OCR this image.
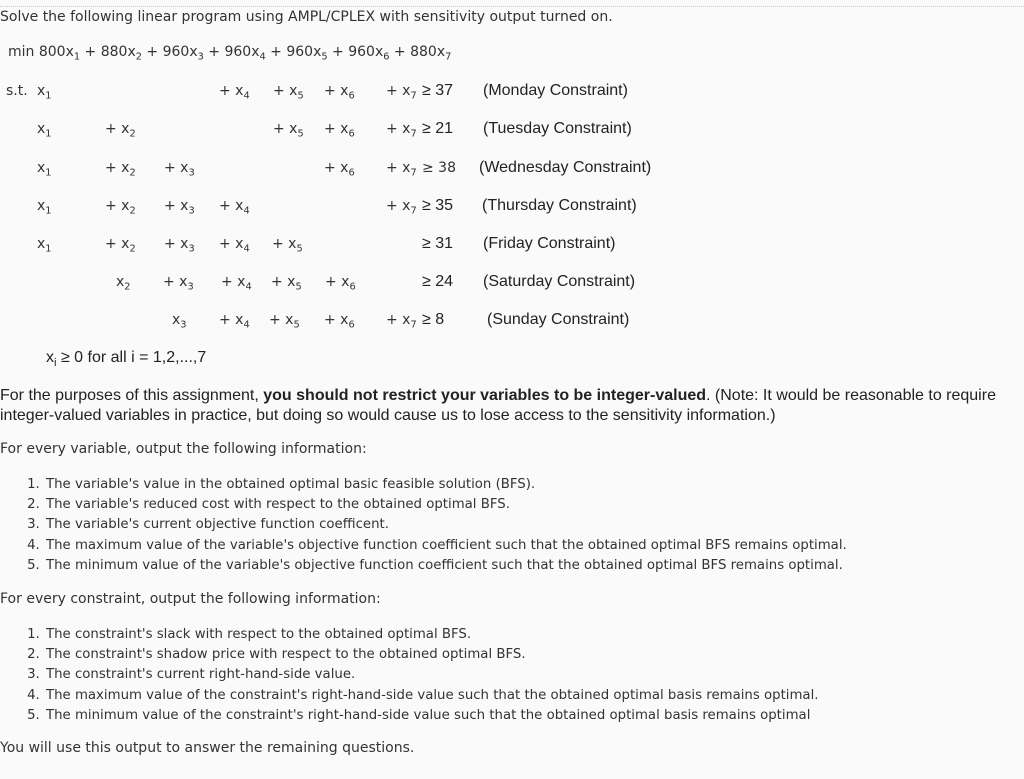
Solve the following linear program using AMPL/CPLEX with sensitivity output turned on.
$\min 800x_1 + 880x_2 + 960x_3 + 960x_4 + 960x_5 + 960x_6 + 880x_7$
s.t. $x_1$	+ $x_4 + x_5 + x_6 + x_7 \ge 37$ (Monday Constraint)
$x_1$	+ $x_2$	+ $x_5 + x_6 + x_7 \ge 21$ (Tuesday Constraint)
$x_1$	+ $x_2 + x_3$	+ $x_6 + x_7 \ge 38$ (Wednesday Constraint)
$x_1$	+ $x_2 + x_3 + x_4$	+ $x_7 \ge 35$ (Thursday Constraint)
$x_1$	+ $x_2 + x_3 + x_4 + x_5$	≥ 31 (Friday Constraint)
$x_2 + x_3 + x_4 + x_5 + x_6$	≥ 24 (Saturday Constraint)
$x_3 + x_4 + x_5 + x_6 + x_7 \ge 8$	(Sunday Constraint)
$x_i \ge 0$ for all i = 1,2,...,7
For the purposes of this assignment, you should not restrict your variables to be integer-valued. (Note: It would be reasonable to require integer-valued variables in practice, but doing so would cause us to lose access to the sensitivity information.)
For every variable, output the following information:
1. The variable's value in the obtained optimal basic feasible solution (BFS).
2. The variable's reduced cost with respect to the obtained optimal BFS.
3. The variable's current objective function coefficent.
4. The maximum value of the variable's objective function coefficient such that the obtained optimal BFS remains optimal.
5. The minimum value of the variable's objective function coefficient such that the obtained optimal BFS remains optimal.
For every constraint, output the following information:
1. The constraint's slack with respect to the obtained optimal BFS.
2. The constraint's shadow price with respect to the obtained optimal BFS.
3. The constraint's current right-hand-side value.
4. The maximum value of the constraint's right-hand-side value such that the obtained optimal basis remains optimal.
5. The minimum value of the constraint's right-hand-side value such that the obtained optimal basis remains optimal
You will use this output to answer the remaining questions.
